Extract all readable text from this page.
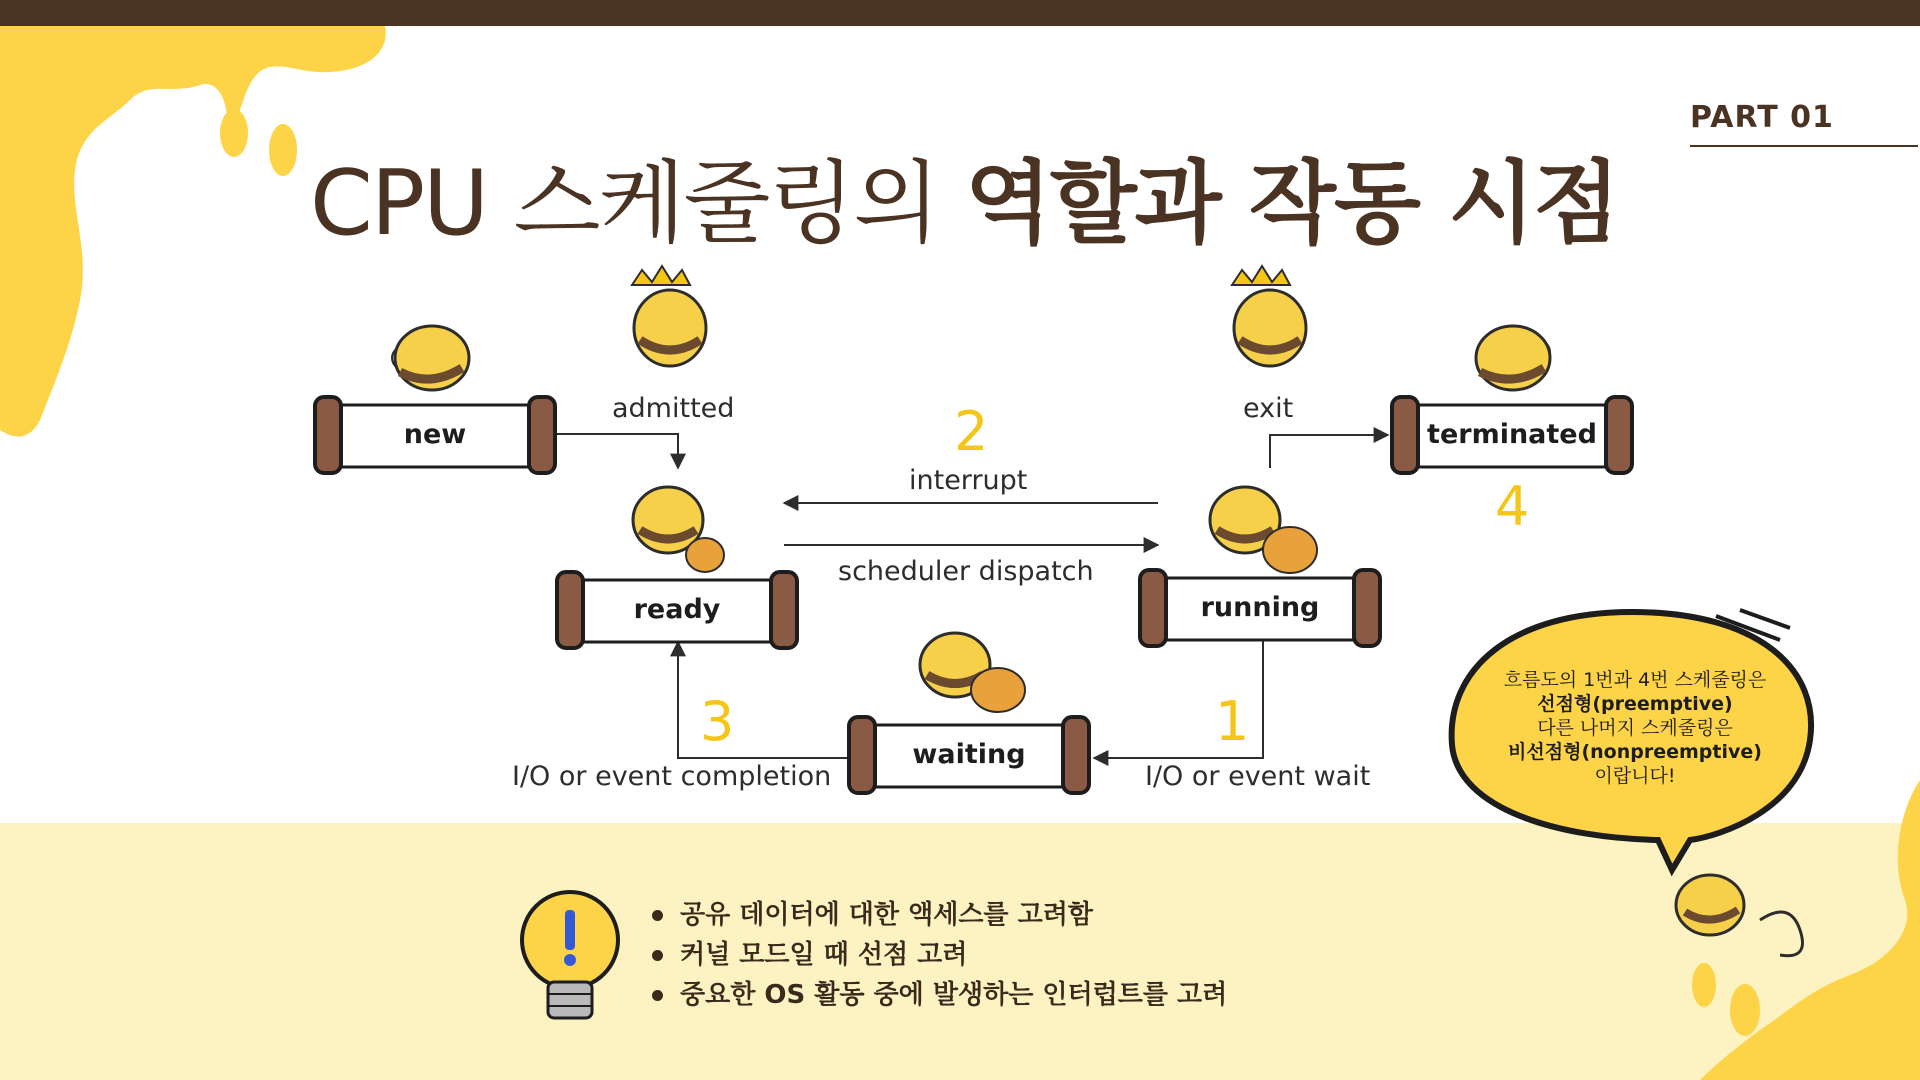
CPU 스케줄링의 역할과 작동 시점
PART 01
new
ready	running
waiting
terminated
admitted
interrupt
scheduler dispatch
exit
I/O or event wait
I/O or event completion
2
4
3	1
흐름도의 1번과 4번 스케줄링은
선점형(preemptive)
다른 나머지 스케줄링은
비선점형(nonpreemptive)
이랍니다!
공유 데이터에 대한 액세스를 고려함
커널 모드일 때 선점 고려
중요한 OS 활동 중에 발생하는 인터럽트를 고려
